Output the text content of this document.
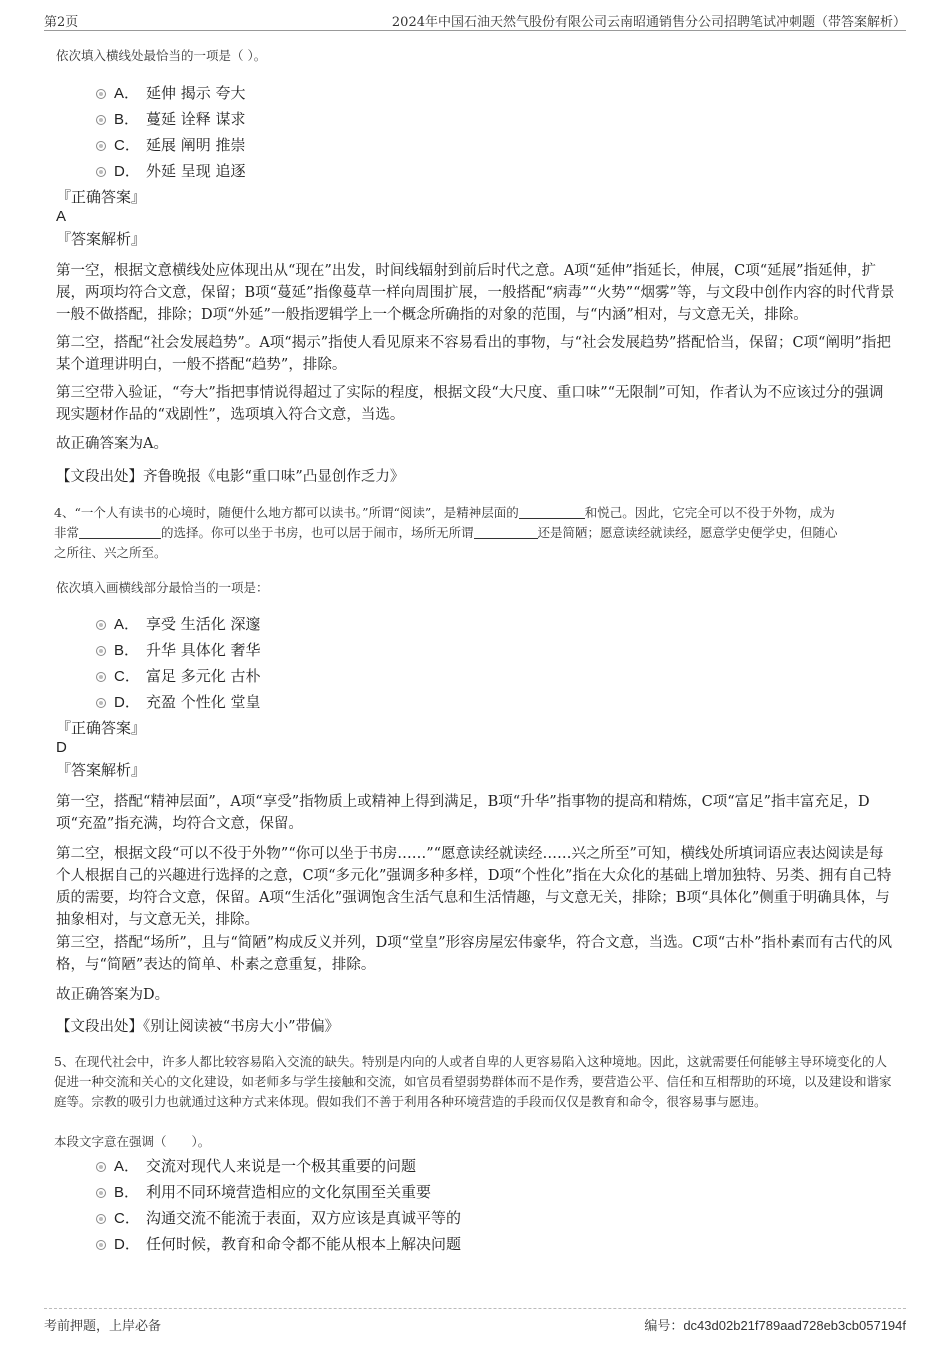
第2页	2024年中国石油天然气股份有限公司云南昭通销售分公司招聘笔试冲刺题（带答案解析）

依次填入横线处最恰当的一项是（ ）。

A． 延伸 揭示 夸大
B． 蔓延 诠释 谋求
C． 延展 阐明 推崇
D． 外延 呈现 追逐

『正确答案』

A

『答案解析』

第一空，根据文意横线处应体现出从“现在”出发，时间线辐射到前后时代之意。A项“延伸”指延长，伸展，C项“延展”指延伸，扩展，两项均符合文意，保留；B项“蔓延”指像蔓草一样向周围扩展，一般搭配“病毒”“火势”“烟雾”等，与文段中创作内容的时代背景一般不做搭配，排除；D项“外延”一般指逻辑学上一个概念所确指的对象的范围，与“内涵”相对，与文意无关，排除。

第二空，搭配“社会发展趋势”。A项“揭示”指使人看见原来不容易看出的事物，与“社会发展趋势”搭配恰当，保留；C项“阐明”指把某个道理讲明白，一般不搭配“趋势”，排除。

第三空带入验证，“夸大”指把事情说得超过了实际的程度，根据文段“大尺度、重口味”“无限制”可知，作者认为不应该过分的强调现实题材作品的“戏剧性”，选项填入符合文意，当选。

故正确答案为A。

【文段出处】齐鲁晚报《电影“重口味”凸显创作乏力》

4、“一个人有读书的心境时，随便什么地方都可以读书。”所谓“阅读”，是精神层面的	和悦己。因此，它完全可以不役于外物，成为
非常	的选择。你可以坐于书房，也可以居于闹市，场所无所谓	还是简陋；愿意读经就读经，愿意学史便学史，但随心
之所往、兴之所至。

依次填入画横线部分最恰当的一项是：

A． 享受 生活化 深邃
B． 升华 具体化 奢华
C． 富足 多元化 古朴
D． 充盈 个性化 堂皇

『正确答案』

D

『答案解析』

第一空，搭配“精神层面”，A项“享受”指物质上或精神上得到满足，B项“升华”指事物的提高和精炼，C项“富足”指丰富充足，D项“充盈”指充满，均符合文意，保留。

第二空，根据文段“可以不役于外物”“你可以坐于书房……”“愿意读经就读经……兴之所至”可知，横线处所填词语应表达阅读是每个人根据自己的兴趣进行选择的之意，C项“多元化”强调多种多样，D项“个性化”指在大众化的基础上增加独特、另类、拥有自己特质的需要，均符合文意，保留。A项“生活化”强调饱含生活气息和生活情趣，与文意无关，排除；B项“具体化”侧重于明确具体，与抽象相对，与文意无关，排除。

第三空，搭配“场所”，且与“简陋”构成反义并列，D项“堂皇”形容房屋宏伟豪华，符合文意，当选。C项“古朴”指朴素而有古代的风格，与“简陋”表达的简单、朴素之意重复，排除。

故正确答案为D。

【文段出处】《别让阅读被“书房大小”带偏》

5、在现代社会中，许多人都比较容易陷入交流的缺失。特别是内向的人或者自卑的人更容易陷入这种境地。因此，这就需要任何能够主导环境变化的人促进一种交流和关心的文化建设，如老师多与学生接触和交流，如官员看望弱势群体而不是作秀，要营造公平、信任和互相帮助的环境，以及建设和谐家庭等。宗教的吸引力也就通过这种方式来体现。假如我们不善于利用各种环境营造的手段而仅仅是教育和命令，很容易事与愿违。

本段文字意在强调（　　）。

A． 交流对现代人来说是一个极其重要的问题
B． 利用不同环境营造相应的文化氛围至关重要
C． 沟通交流不能流于表面，双方应该是真诚平等的
D． 任何时候，教育和命令都不能从根本上解决问题
考前押题，上岸必备	编号：dc43d02b21f789aad728eb3cb057194f
